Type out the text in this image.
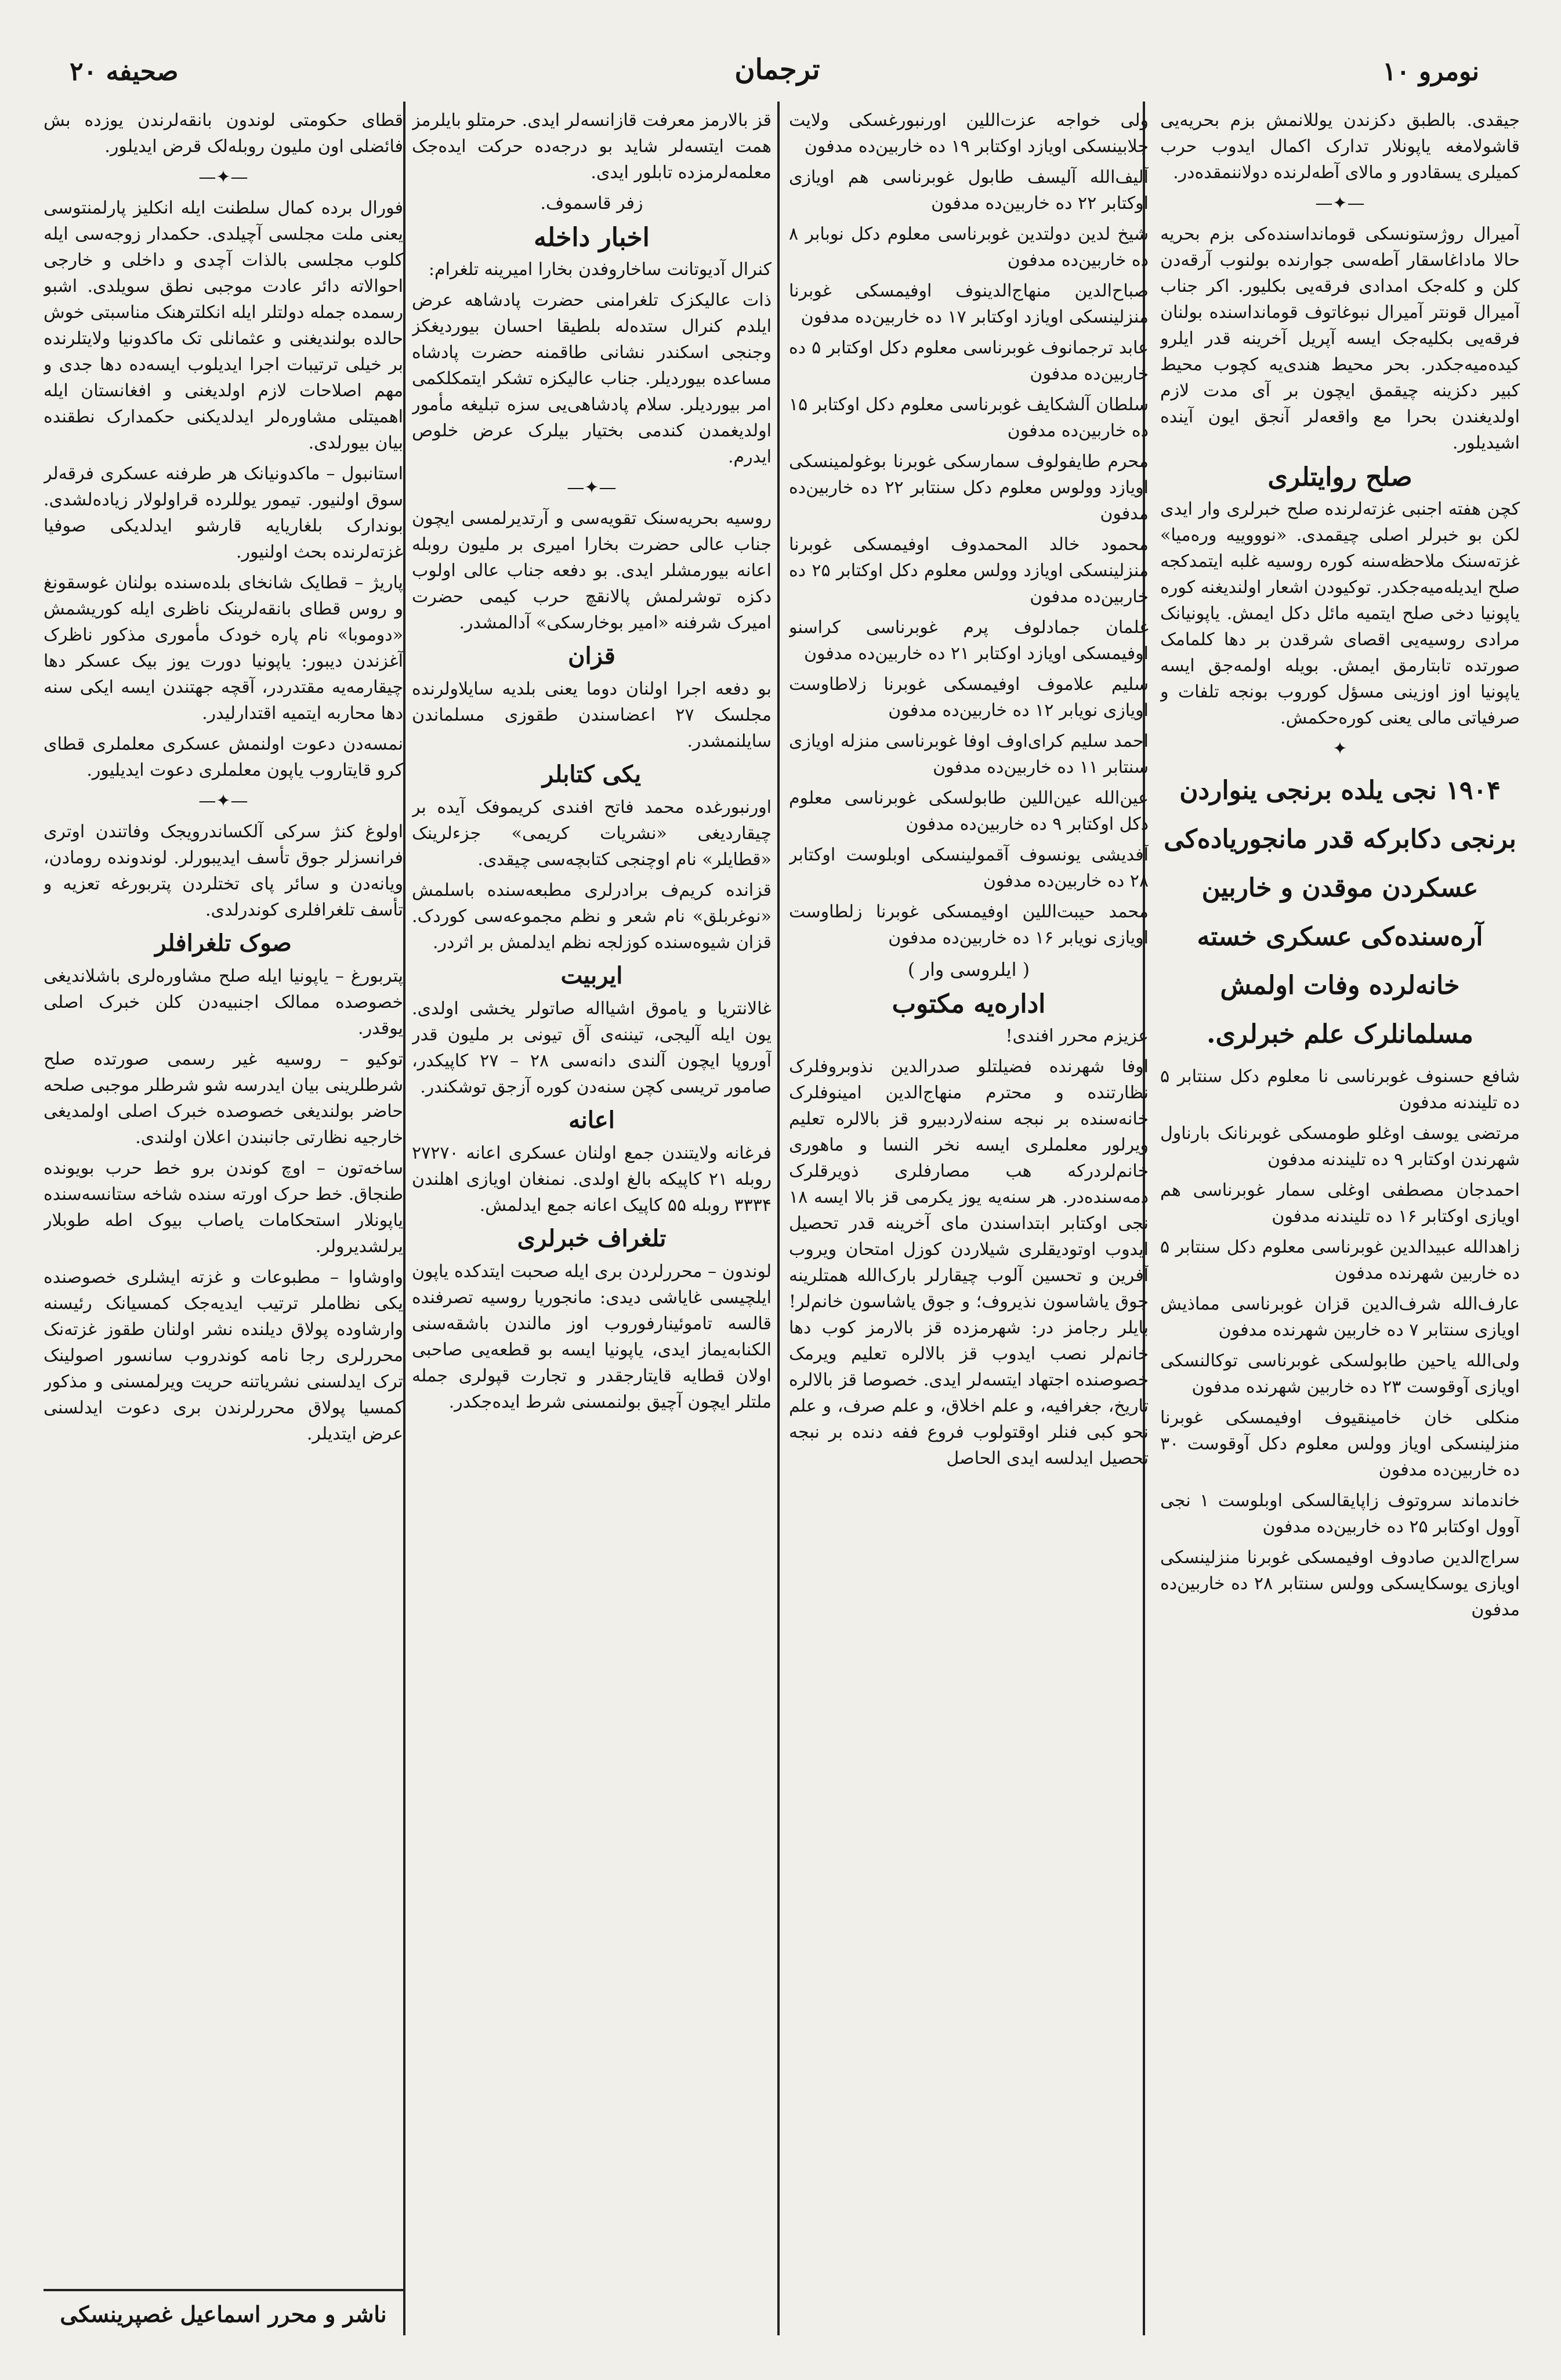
نومرو ۱۰
ترجمان
صحیفه ۲۰

جیقدی. بالطبق دکزندن یوللانمش بزم بحریه‌یی قاشولامغه یاپونلار تدارک اکمال ایدوب حرب کمیلری یسقادور و مالای آطه‌لرنده دولاننمقده‌در.

—✦—

آمیرال روژستونسکی قوماندا‌سنده‌کی بزم بحریه حالا ماداغاسقار آطه‌سی جوارنده بولنوب آرقه‌دن کلن و کله‌جک امدادی فرقه‌یی بکلیور. اکر جناب آمیرال قونتر آمیرال نبوغاتوف قوماندا‌سنده بولنان فرقه‌یی بکلیه‌جک ایسه آپریل آخرینه قدر ایلرو کیده‌میه‌جکدر. بحر محیط هندی‌یه کچوب محیط کبیر دکزینه چیقمق ایچون بر آی مدت لازم اولدیغندن بحرا مع واقعه‌لر آنجق ایون آینده اشیدیلور.

صلح روایتلری

کچن هفته اجنبی غزته‌لرنده صلح خبرلری وار ایدی لکن بو خبرلر اصلی چیقمدی. «نوووییه وره‌میا» غزته‌سنک ملاحظه‌سنه کوره روسیه غلبه ایتمدکجه صلح ایدیله‌میه‌جکدر. توکیودن اشعار اولندیغنه کوره یاپونیا دخی صلح ایتمیه مائل دکل ایمش. یاپونیانک مرادی روسیه‌یی اقصای شرقدن بر دها کلمامک صورتده تابتارمق ایمش. بویله اولمه‌جق ایسه یاپونیا اوز اوزینی مسؤل کوروب بونجه تلفات و صرفیاتی مالی یعنی کوره‌حکمش.

✦

۱۹۰۴ نجی یلده برنجی ینواردن برنجی دکابرکه قدر مانجوریاده‌کی عسکردن موقدن و خاربین آره‌سنده‌کی عسکری خسته خانه‌لرده وفات اولمش مسلمانلرک علم خبرلری.

شافع حسنوف غوبرناسی نا معلوم دکل سنتابر ۵ ده تلیندنه مدفون

مرتضی یوسف اوغلو طومسکی غوبرنانک بارناول شهرندن اوکتابر ۹ ده تلیندنه مدفون

احمدجان مصطفی اوغلی سمار غوبرناسی هم اویازی اوکتابر ۱۶ ده تلیندنه مدفون

زاهدالله عبیدالدین غوبرناسی معلوم دکل سنتابر ۵ ده خاربین شهرنده مدفون

عارف‌الله شرف‌الدین قزان غوبرناسی مماذیش اویازی سنتابر ۷ ده خاربین شهرنده مدفون

ولی‌الله یاحین طابولسکی غوبرناسی توکالنسکی اویازی آوقوست ۲۳ ده خاربین شهرنده مدفون

منکلی خان خامینقیوف اوفیمسکی غوبرنا منزلینسکی اویاز وولس معلوم دکل آوقوست ۳۰ ده خاربین‌ده مدفون

خاندماند سروتوف زاپایقالسکی اوبلوست ۱ نجی آوول اوکتابر ۲۵ ده خاربین‌ده مدفون

سراج‌الدین صادوف اوفیمسکی غوبرنا منزلینسکی اویازی یوسکایسکی وولس سنتابر ۲۸ ده خاربین‌ده مدفون

ولی خواجه عزت‌اللین اورنبورغسکی ولایت جلابینسکی اویازد اوکتابر ۱۹ ده خاربین‌ده مدفون

آلیف‌الله آلیسف طابول غوبرناسی هم اویازی اوکتابر ۲۲ ده خاربین‌ده مدفون

شیخ لدین دولتدین غوبرناسی معلوم دکل نوبابر ۸ ده خاربین‌ده مدفون

صباح‌الدین منهاج‌الدینوف اوفیمسکی غوبرنا منزلینسکی اویازد اوکتابر ۱۷ ده خاربین‌ده مدفون

عابد ترجمانوف غوبرناسی معلوم دکل اوکتابر ۵ ده خاربین‌ده مدفون

سلطان آلشکایف غوبرناسی معلوم دکل اوکتابر ۱۵ ده خاربین‌ده مدفون

محرم طایفولوف سمارسکی غوبرنا بوغولمینسکی اویازد وولوس معلوم دکل سنتابر ۲۲ ده خاربین‌ده مدفون

محمود خالد المحمدوف اوفیمسکی غوبرنا منزلینسکی اویازد وولس معلوم دکل اوکتابر ۲۵ ده خاربین‌ده مدفون

غلمان جمادلوف پرم غوبرناسی کراسنو اوفیمسکی اویازد اوکتابر ۲۱ ده خاربین‌ده مدفون

سلیم علاموف اوفیمسکی غوبرنا زلاطاوست اویازی نویابر ۱۲ ده خاربین‌ده مدفون

احمد سلیم کرای‌اوف اوفا غوبرناسی منزله اویازی سنتابر ۱۱ ده خاربین‌ده مدفون

عین‌الله عین‌اللین طابولسکی غوبرناسی معلوم دکل اوکتابر ۹ ده خاربین‌ده مدفون

آفدیشی یونسوف آقمولینسکی اوبلوست اوکتابر ۲۸ ده خاربین‌ده مدفون

محمد حیبت‌اللین اوفیمسکی غوبرنا زلطاوست اویازی نویابر ۱۶ ده خاربین‌ده مدفون

( ایلروسی وار )
اداره‌یه مکتوب

عزیزم محرر افندی!

اوفا شهرنده فضیلتلو صدرالدین نذوبروفلرک نظارتنده و محترم منهاج‌الدین امینوفلرک خانه‌سنده بر نبجه سنه‌لاردبیرو قز بالالره تعلیم ویرلور معلملری ایسه نخر النسا و ماهوری خانم‌لردرکه هب مصارفلری ذویرقلرک ذمه‌سنده‌در. هر سنه‌یه یوز یکرمی قز بالا ایسه ۱۸ نجی اوکتابر ابتداسندن مای آخرینه قدر تحصیل ایدوب اوتودیقلری شیلاردن کوزل امتحان ویروب آفرین و تحسین آلوب چیقارلر بارک‌الله همتلرینه جوق یاشاسون نذیروف؛ و جوق یاشاسون خانم‌لر! بایلر رجا‌مز در: شهرمزده قز بالارمز کوب دها خانم‌لر نصب ایدوب قز بالالره تعلیم ویرمک خصوصنده اجتهاد ایتسه‌لر ایدی. خصوصا قز بالالره تاریخ، جغرافیه، و علم اخلاق، و علم صرف، و علم نحو کبی فنلر اوقتولوب فروع ففه دنده بر نبجه تحصیل ایدلسه ایدی الحاصل

قز بالارمز معرفت قازانسه‌لر ایدی. حرمتلو بایلرمز همت ایتسه‌لر شاید بو درجه‌ده حرکت ایده‌جک معلمه‌لرمزده تابلور ایدی.

زفر قاسموف.

اخبار داخله

کنرال آدیوتانت ساخاروفدن بخارا امیرینه تلغرام:

ذات عالیکزک تلغرامنی حضرت پادشاهه عرض ایلدم کنرال ستده‌له بلطیقا احسان بیوردیغکز وجنجی اسکندر نشانی طاقمنه حضرت پادشاه مساعده بیوردیلر. جناب عالیکزه تشکر ایتمکلکمی امر بیوردیلر. سلام پادشاهی‌یی سزه تبلیغه مأمور اولدیغمدن کندمی بختیار بیلرک عرض خلوص ایدرم.

—✦—

روسیه بحریه‌سنک تقویه‌سی و آرتدیرلمسی ایچون جناب عالی حضرت بخارا امیری بر ملیون روبله اعانه بیورمشلر ایدی. بو دفعه جناب عالی اولوب دکزه توشرلمش پالانقچ حرب کیمی حضرت امیرک شرفنه «امیر بوخارسکی» آدالمشدر.

قزان

بو دفعه اجرا اولنان دوما یعنی بلدیه سایلاولرنده مجلسک ۲۷ اعضاسندن طقوزی مسلماندن سایلنمشدر.

یکی کتابلر

اورنبورغده محمد فاتح افندی کریموفک آیده بر چیقاردیغی «نشریات کریمی» جزءلرینک «قطایلر» نام اوچنجی کتابچه‌سی چیقدی.

قزانده کریم‌ف برادرلری مطبعه‌سنده باسلمش «نوغربلق» نام شعر و نظم مجموعه‌سی کوردک. قزان شیوه‌سنده کوزلجه نظم ایدلمش بر اثردر.

ایربیت

غالانتریا و یاموق اشیا‌اله صاتولر یخشی اولدی. یون ایله آلیجی، تیننه‌ی آق تیونی بر ملیون قدر آوروپا ایچون آلندی دانه‌سی ۲۸ – ۲۷ کاپیکدر، صامور تریسی کچن سنه‌دن کوره آزجق توشکندر.

اعانه

فرغانه ولایتندن جمع اولنان عسکری اعانه ۲۷۲۷۰ روبله ۲۱ کاپیکه بالغ اولدی. نمنغان اویازی اهلندن ۳۳۳۴ روبله ۵۵ کاپیک اعانه جمع ایدلمش.

تلغراف خبرلری

لوندون – محررلردن بری ایله صحبت ایتدکده یاپون ایلچیسی غایاشی دیدی: مانجوریا روسیه تصرفنده قالسه تاموئینارفوروب اوز مالندن باشقه‌سنی الکنابه‌یماز ایدی، یاپونیا ایسه بو قطعه‌یی صاحبی اولان قطایه قایتارجقدر و تجارت قپولری جمله ملتلر ایچون آچیق بولنمسنی شرط ایده‌جکدر.

قطای حکومتی لوندون بانقه‌لرندن یوزده بش فائضلی اون ملیون روبله‌لک قرض ایدیلور.

—✦—

فورال برده کمال سلطنت ایله انکلیز پارلمنتوسی یعنی ملت مجلسی آچیلدی. حکمدار زوجه‌سی ایله کلوب مجلسی بالذات آچدی و داخلی و خارجی احوالاته دائر عادت موجبی نطق سویلدی. اشبو رسمده جمله دولتلر ایله انکلترهنک مناسبتی خوش حالده بولندیغنی و عثمانلی تک ماکدونیا ولایتلرنده بر خیلی ترتیبات اجرا ایدیلوب ایسه‌ده دها جدی و مهم اصلاحات لازم اولدیغنی و افغانستان ایله اهمیتلی مشاوره‌لر ایدلدیکنی حکمدارک نطقنده بیان بیورلدی.

استانبول – ماکدونیانک هر طرفنه عسکری فرقه‌لر سوق اولنیور. تیمور یوللرده قراولولار زیاده‌لشدی. بوندارک بلغاریایه قارشو ایدلدیکی صوفیا غزته‌لرنده بحث اولنیور.

پاریژ – قطایک شانخای بلده‌سنده بولنان غوسقونغ و روس قطای بانقه‌لرینک ناظری ایله کوریشمش «دوموبا» نام پاره خودک مأموری مذکور ناظرک آغزندن دیبور: یاپونیا دورت یوز بیک عسکر دها چیقارمه‌یه مقتدردر، آقچه جهتندن ایسه ایکی سنه دها محاربه ایتمیه اقتدارلیدر.

نمسه‌دن دعوت اولنمش عسکری معلملری قطای کرو قایتاروب یاپون معلملری دعوت ایدیلیور.

—✦—

اولوغ کنژ سرکی آلکساندرویجک وفاتندن اوتری فرانسزلر جوق تأسف ایدیبورلر. لوندونده رومادن، ویانه‌دن و سائر پای تختلردن پتربورغه تعزیه و تأسف تلغرافلری کوندرلدی.

صوک تلغرافلر

پتربورغ – یاپونیا ایله صلح مشاوره‌لری باشلاندیغی خصوصده ممالک اجنبیه‌دن کلن خبرک اصلی یوقدر.

توکیو – روسیه غیر رسمی صورتده صلح شرطلرینی بیان ایدرسه شو شرطلر موجبی صلحه حاضر بولندیغی خصوصده خبرک اصلی اولمدیغی خارجیه نظارتی جانبندن اعلان اولندی.

ساخه‌تون – اوچ کوندن برو خط حرب بویونده طنجاق. خط حرک اورته سنده شاخه ستانسه‌سنده یاپونلار استحکامات یاصاب بیوک اطه طوبلار یرلشدیرولر.

واوشاوا – مطبوعات و غزته ایشلری خصوصنده یکی نظاملر ترتیب ایدیه‌جک کمسیانک رئیسنه وارشاوده پولاق دیلنده نشر اولنان طقوز غزته‌نک محررلری رجا نامه کوندروب سانسور اصولینک ترک ایدلسنی نشریاتنه حریت ویرلمسنی و مذکور کمسیا پولاق محررلرندن بری دعوت ایدلسنی عرض ایتدیلر.

ناشر و محرر اسماعیل غصپرینسکی
